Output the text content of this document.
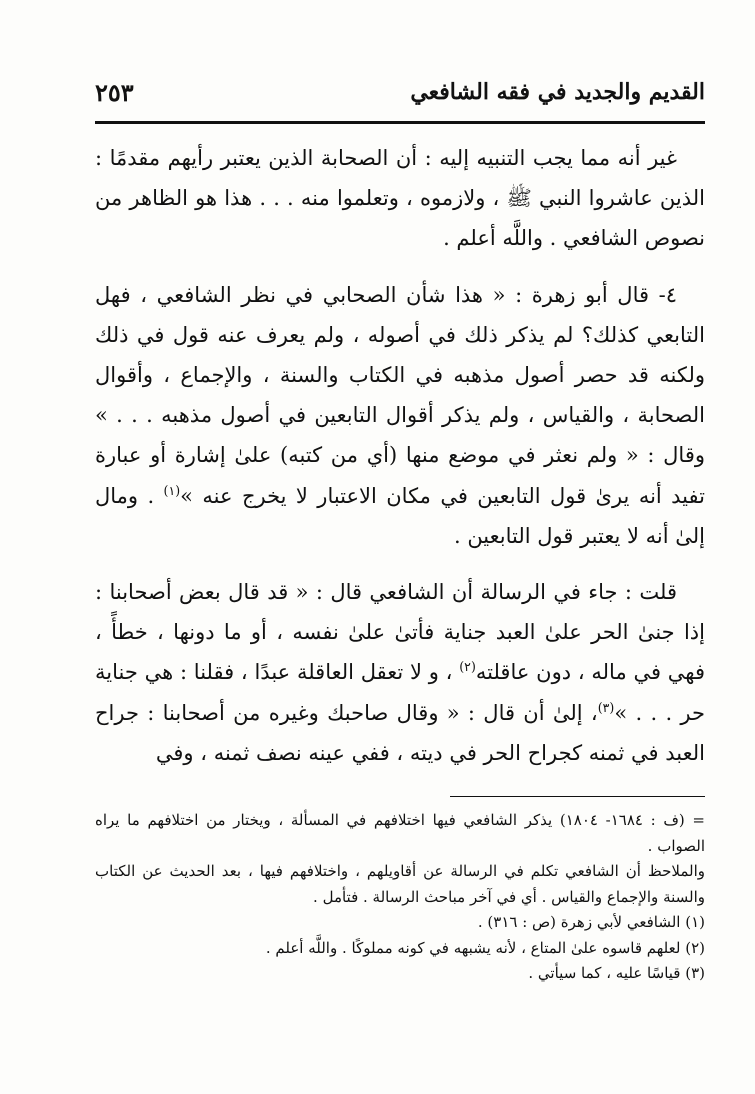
القديم والجديد في فقه الشافعي
٢٥٣

غير أنه مما يجب التنبيه إليه : أن الصحابة الذين يعتبر رأيهم مقدمًا : الذين عاشروا النبي ﷺ ، ولازموه ، وتعلموا منه . . . هذا هو الظاهر من نصوص الشافعي . واللَّه أعلم .

٤- قال أبو زهرة : « هذا شأن الصحابي في نظر الشافعي ، فهل التابعي كذلك؟ لم يذكر ذلك في أصوله ، ولم يعرف عنه قول في ذلك ولكنه قد حصر أصول مذهبه في الكتاب والسنة ، والإجماع ، وأقوال الصحابة ، والقياس ، ولم يذكر أقوال التابعين في أصول مذهبه . . . » وقال : « ولم نعثر في موضع منها (أي من كتبه) علىٰ إشارة أو عبارة تفيد أنه يرىٰ قول التابعين في مكان الاعتبار لا يخرج عنه »$^{(١)}$ . ومال إلىٰ أنه لا يعتبر قول التابعين .

قلت : جاء في الرسالة أن الشافعي قال : « قد قال بعض أصحابنا : إذا جنىٰ الحر علىٰ العبد جناية فأتىٰ علىٰ نفسه ، أو ما دونها ، خطأً ، فهي في ماله ، دون عاقلته$^{(٢)}$ ، و لا تعقل العاقلة عبدًا ، فقلنا : هي جناية حر . . . »$^{(٣)}$، إلىٰ أن قال : « وقال صاحبك وغيره من أصحابنا : جراح العبد في ثمنه كجراح الحر في ديته ، ففي عينه نصف ثمنه ، وفي

= (ف : ١٦٨٤- ١٨٠٤) يذكر الشافعي فيها اختلافهم في المسألة ، ويختار من اختلافهم ما يراه الصواب .

والملاحظ أن الشافعي تكلم في الرسالة عن أقاويلهم ، واختلافهم فيها ، بعد الحديث عن الكتاب والسنة والإجماع والقياس . أي في آخر مباحث الرسالة . فتأمل .

(١) الشافعي لأبي زهرة (ص : ٣١٦) .

(٢) لعلهم قاسوه علىٰ المتاع ، لأنه يشبهه في كونه مملوكًا . واللَّه أعلم .

(٣) قياسًا عليه ، كما سيأتي .
